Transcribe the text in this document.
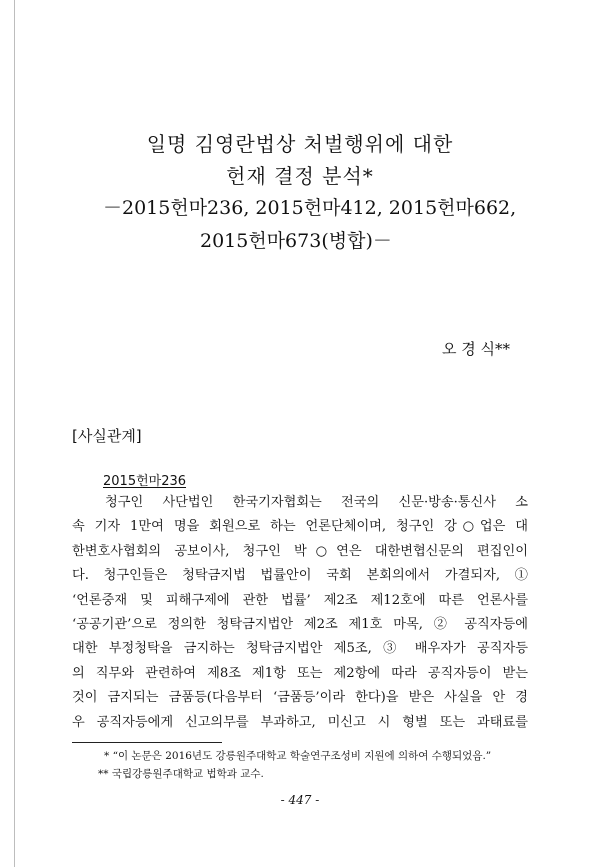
일명 김영란법상 처벌행위에 대한
헌재 결정 분석*
－2015헌마236, 2015헌마412, 2015헌마662,
2015헌마673(병합)－
오 경 식**
[사실관계]
2015헌마236
청구인 사단법인 한국기자협회는 전국의 신문·방송·통신사 소
속 기자 1만여 명을 회원으로 하는 언론단체이며, 청구인 강○업은 대
한변호사협회의 공보이사, 청구인 박○연은 대한변협신문의 편집인이
다. 청구인들은 청탁금지법 법률안이 국회 본회의에서 가결되자, ①
‘언론중재 및 피해구제에 관한 법률’ 제2조 제12호에 따른 언론사를
‘공공기관’으로 정의한 청탁금지법안 제2조 제1호 마목, ② 공직자등에
대한 부정청탁을 금지하는 청탁금지법안 제5조, ③ 배우자가 공직자등
의 직무와 관련하여 제8조 제1항 또는 제2항에 따라 공직자등이 받는
것이 금지되는 금품등(다음부터 ‘금품등’이라 한다)을 받은 사실을 안 경
우 공직자등에게 신고의무를 부과하고, 미신고 시 형벌 또는 과태료를
* “이 논문은 2016년도 강릉원주대학교 학술연구조성비 지원에 의하여 수행되었음.”
** 국립강릉원주대학교 법학과 교수.
- 447 -
